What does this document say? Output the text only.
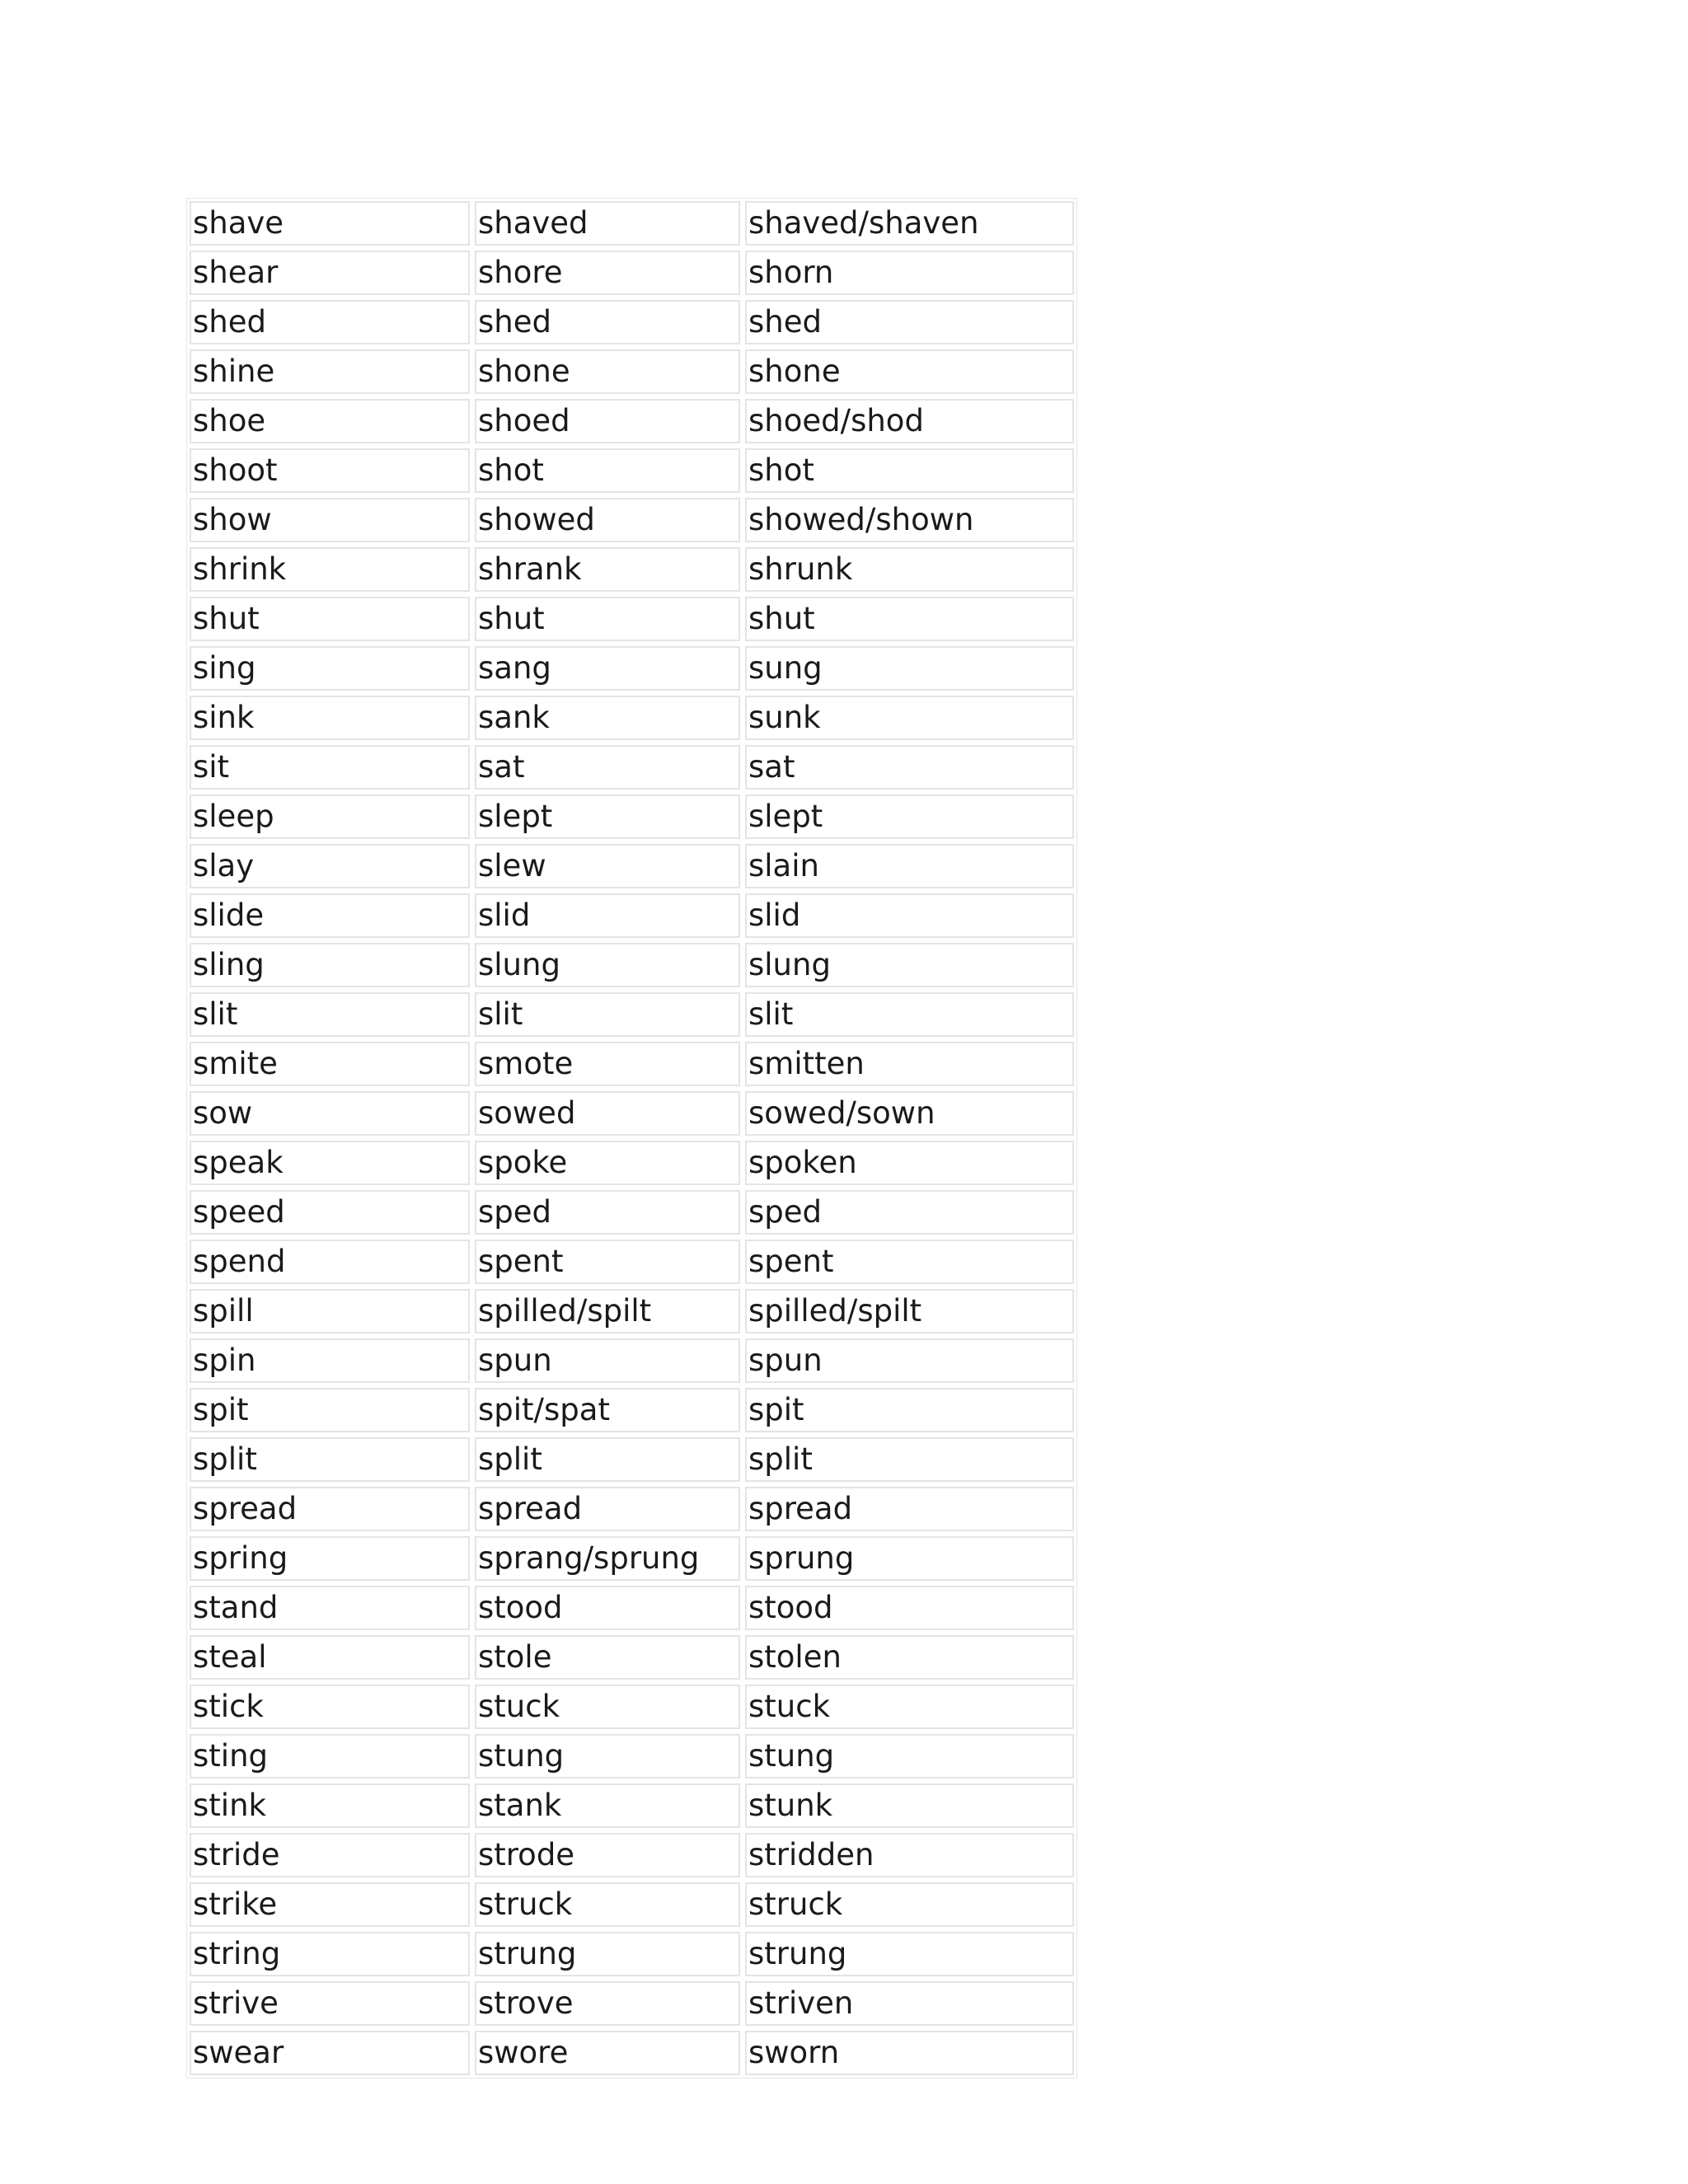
shave	shaved	shaved/shaven
shear	shore	shorn
shed	shed	shed
shine	shone	shone
shoe	shoed	shoed/shod
shoot	shot	shot
show	showed	showed/shown
shrink	shrank	shrunk
shut	shut	shut
sing	sang	sung
sink	sank	sunk
sit	sat	sat
sleep	slept	slept
slay	slew	slain
slide	slid	slid
sling	slung	slung
slit	slit	slit
smite	smote	smitten
sow	sowed	sowed/sown
speak	spoke	spoken
speed	sped	sped
spend	spent	spent
spill	spilled/spilt	spilled/spilt
spin	spun	spun
spit	spit/spat	spit
split	split	split
spread	spread	spread
spring	sprang/sprung	sprung
stand	stood	stood
steal	stole	stolen
stick	stuck	stuck
sting	stung	stung
stink	stank	stunk
stride	strode	stridden
strike	struck	struck
string	strung	strung
strive	strove	striven
swear	swore	sworn
